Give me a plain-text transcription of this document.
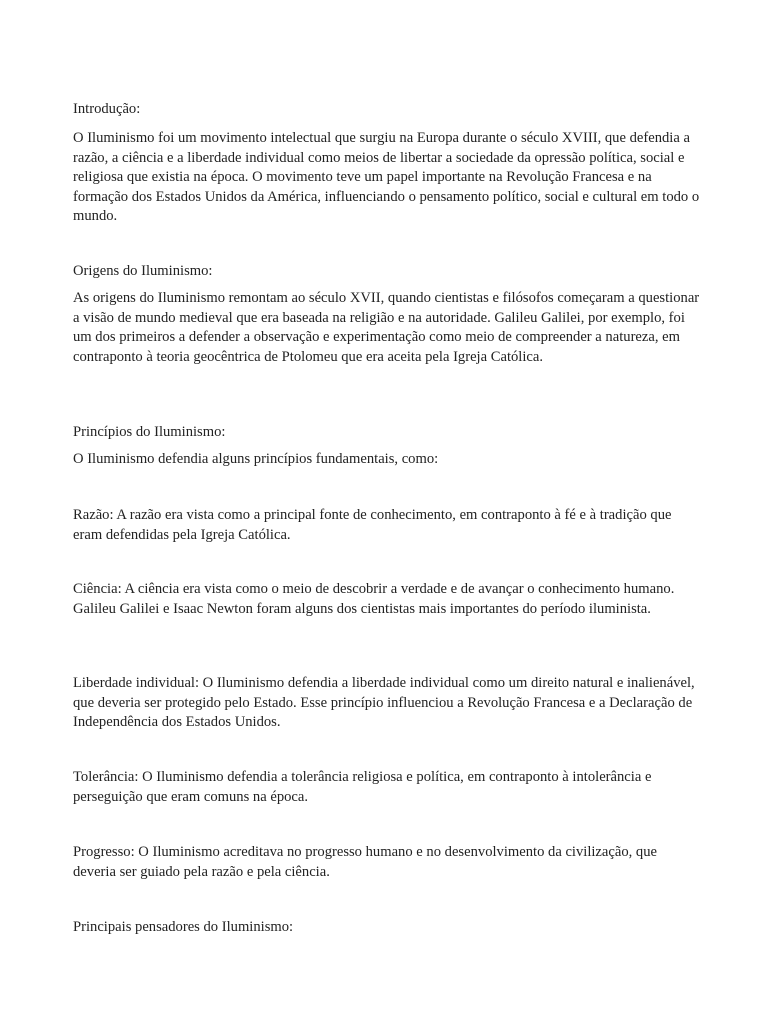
Introdução:

O Iluminismo foi um movimento intelectual que surgiu na Europa durante o século XVIII, que defendia a razão, a ciência e a liberdade individual como meios de libertar a sociedade da opressão política, social e religiosa que existia na época. O movimento teve um papel importante na Revolução Francesa e na formação dos Estados Unidos da América, influenciando o pensamento político, social e cultural em todo o mundo.

Origens do Iluminismo:

As origens do Iluminismo remontam ao século XVII, quando cientistas e filósofos começaram a questionar a visão de mundo medieval que era baseada na religião e na autoridade. Galileu Galilei, por exemplo, foi um dos primeiros a defender a observação e experimentação como meio de compreender a natureza, em contraponto à teoria geocêntrica de Ptolomeu que era aceita pela Igreja Católica.

Princípios do Iluminismo:

O Iluminismo defendia alguns princípios fundamentais, como:

Razão: A razão era vista como a principal fonte de conhecimento, em contraponto à fé e à tradição que eram defendidas pela Igreja Católica.

Ciência: A ciência era vista como o meio de descobrir a verdade e de avançar o conhecimento humano. Galileu Galilei e Isaac Newton foram alguns dos cientistas mais importantes do período iluminista.

Liberdade individual: O Iluminismo defendia a liberdade individual como um direito natural e inalienável, que deveria ser protegido pelo Estado. Esse princípio influenciou a Revolução Francesa e a Declaração de Independência dos Estados Unidos.

Tolerância: O Iluminismo defendia a tolerância religiosa e política, em contraponto à intolerância e perseguição que eram comuns na época.

Progresso: O Iluminismo acreditava no progresso humano e no desenvolvimento da civilização, que deveria ser guiado pela razão e pela ciência.

Principais pensadores do Iluminismo:
